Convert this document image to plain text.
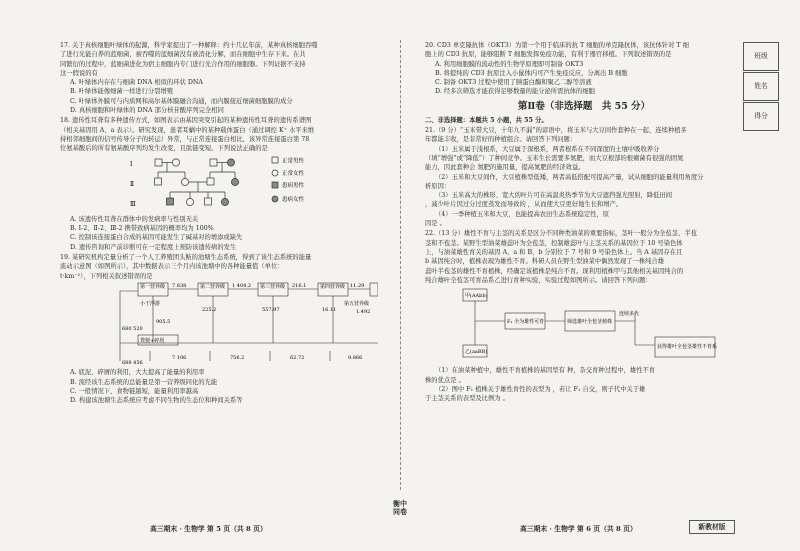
17. 关于真核细胞叶绿体的起源，科学家提出了一种解释：约十几亿年前，某种真核细胞吞噬

了进行光能自养的蓝细菌，被吞噬的蓝细菌没有被消化分解，而在细胞中生存下来。在共

同繁衍的过程中，蓝细菌进化为宿主细胞内专门进行光合作用的细胞器。下列证据不支持

这一假说的有

A. 叶绿体内存在与细菌 DNA 相似的环状 DNA

B. 叶绿体能像细菌一样进行分裂增殖

C. 叶绿体外膜可与内质网和高尔基体膜融合沟通，而内膜接近细菌细胞膜的成分

D. 真核细胞和叶绿体的 DNA 部分核苷酸序列完全相同

18. 遗传性耳聋有多种遗传方式，如图表示由基因突变引起的某种遗传性耳聋的遗传系谱图

（相关基因用 A、a 表示）。研究发现，患者耳蜗中的某种载体蛋白（通过调控 K⁺ 水平来维

持相邻细胞间的信号传导分子的转运）异常，与正常连接蛋白相比，该异常连接蛋白第 78

位氨基酸后的所有氨基酸序列均发生改变，且肽链变短。下列说法正确的是

Ⅰ
Ⅱ
Ⅲ
正常男性
正常女性
患病男性
患病女性

A. 该遗传性耳聋在群体中的发病率与性别无关

B. Ⅰ-2、Ⅱ-2、Ⅲ-2 携带致病基因的概率均为 100%

C. 控制该连接蛋白合成的基因可能发生了碱基对的增添或缺失

D. 遗传咨询和产前诊断可在一定程度上预防该遗传病的发生

19. 某研究机构定量分析了一个人工养殖团头鲂的池塘生态系统，得到了该生态系统的能量

流动示意图（如图所示），其中数据表示三个月内该池塘中的各种能量值（单位：

t·km⁻²），下列相关叙述错误的是

第一营养级	第二营养级	第三营养级	第四营养级
第五营养级
小于浮游
225.2	557.97	16.11	1.492
7 838	1 404.2	216.1	11.29
905.5
680 520
688 456
粪便+碎屑
7 106	756.2	62.72	9.866

A. 底泥、碎屑的利用，大大提高了能量的利用率

B. 流经该生态系统的总能量是第一营养级同化的光能

C. 一般情况下，食物链越短，能量利用率越高

D. 构建该池塘生态系统应考虑不同生物的生态位和种间关系等

20. CD3 单克隆抗体（OKT3）为第一个用于临床的抗 T 细胞的单克隆抗体，该抗体针对 T 细

胞上的 CD3 抗原，能够阻断 T 细胞发挥免疫功能，有利于器官移植。下列叙述错误的是

A. 利用细胞膜的流动性的生物学原理即可制备 OKT3

B. 将提纯的 CD3 抗原注入小鼠体内可产生免疫反应，分离出 B 细胞

C. 制备 OKT3 过程中使用了胰蛋白酶和聚乙二醇等溶液

D. 经多次筛选才能获得足够数量的能分泌所需抗体的细胞

第Ⅱ卷（非选择题　共 55 分）

二、非选择题：本题共 5 小题，共 55 分。

21.（9 分）“玉米带大豆，十年九不漏”的谚语中，将玉米与大豆间作套种在一起，连续种植多

年都能丰收，是非常好的种植组合。请回答下列问题：

（1）玉米属于浅根系，大豆属于深根系，两者根系在不同深度的土壤中吸收养分

（填“增强”或“降低”）了种间竞争。玉米生长需要多氮肥，而大豆根部的根瘤菌有很强的固氮

能力，因此套种会 氮肥的施用量，提高氮肥的经济效益。

（2）玉米和大豆间作，大豆植株型低矮，两者高低搭配可提高产量，试从细胞的能量利用角度分

析原因：

（3）玉米高大的株形、宽大的叶片可在高温炎热季节为大豆遮挡强光照射，降低田间

，减少叶片因过分过度蒸发而导致的 ，从而使大豆更好地生长和增产。

（4）一季种植玉米和大豆，也能提高农田生态系统稳定性，原

因是 。

22.（13 分）雄性不育与主茎的关系是区分不同种类油菜的重要指标，茎叶一般分为全苞茎、半苞

茎和不苞茎。某野生型油菜雄蕊叶为全苞茎，控制雄蕊叶与主茎关系的基因位于 10 号染色体

上，与油菜雄性育关的基因 A、a 和 B、b 分别位于 7 号和 9 号染色体上。当 A 基因存在且

b 基因纯合时，植株表现为雄性不育。科研人员在野生型油菜中偶然发现了一株纯合雄

蕊叶半苞茎的雄性不育植株，经确定该植株是纯合不育。现利用植株甲与其他相关基因纯合的

纯合雄叶全苞茎可育品系乙进行育种实验，实验过程如图所示。请回答下列问题：

甲(AAbb)
乙(aaBB)
F₁ 全为雄性可育	筛选雄叶全苞茎植株
连续多代
获得雄叶全苞茎雄性不育系

（1）在油菜种植中，雄性不育植株的基因型有 种，杂交育种过程中，雄性不育

株的优点是 。

（2）图中 F₁ 植株关于雄性育性的表型为 ，若让 F₁ 自交，则子代中关于雄

于主茎关系的表型及比例为 。

高三期末 · 生物学 第 5 页（共 8 页）	高三期末 · 生物学 第 6 页（共 8 页）	新教材版
班级
姓名
得分
衡中同卷
